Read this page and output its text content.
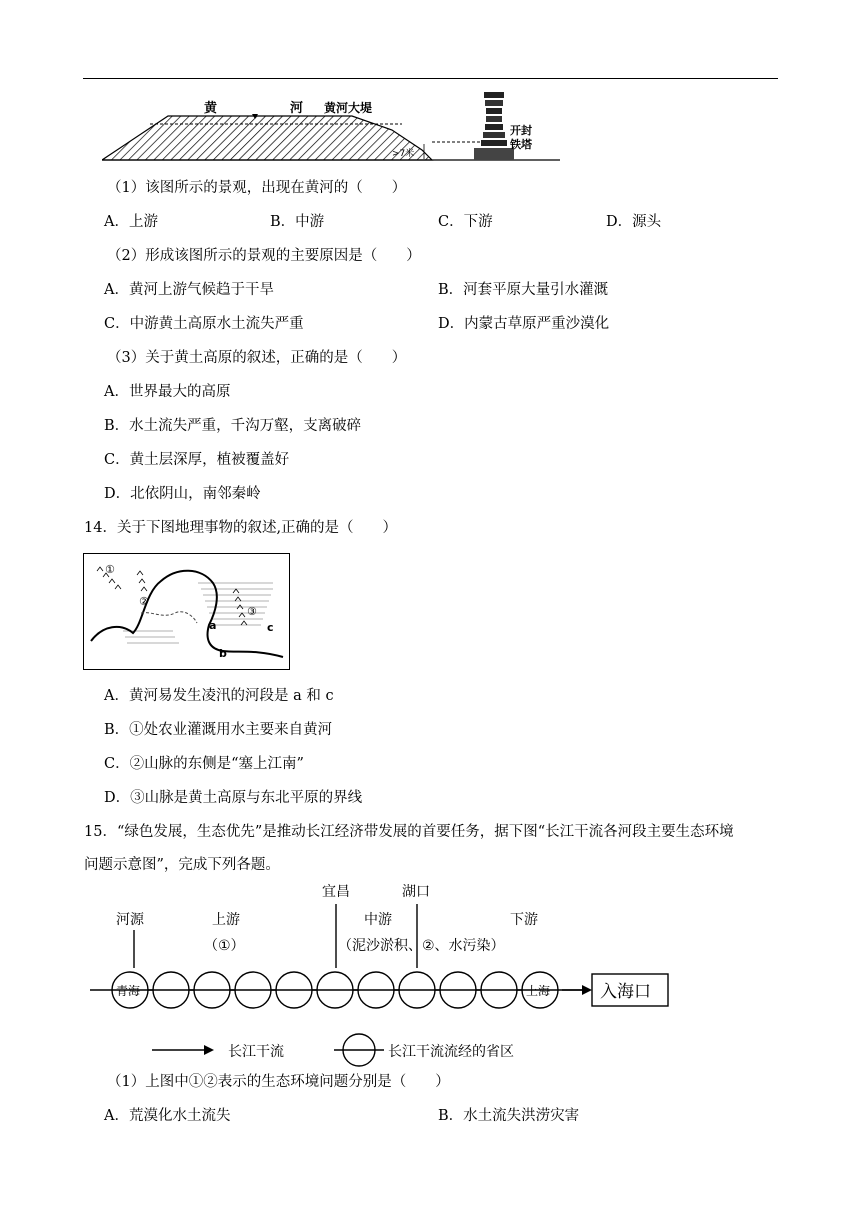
黄	河 黄河大堤
>7米
开封
铁塔
（1）该图所示的景观，出现在黄河的（　　）
A．上游	B．中游	C．下游	D．源头
（2）形成该图所示的景观的主要原因是（　　）
A．黄河上游气候趋于干旱	B．河套平原大量引水灌溉
C．中游黄土高原水土流失严重	D．内蒙古草原严重沙漠化
（3）关于黄土高原的叙述，正确的是（　　）
A．世界最大的高原
B．水土流失严重，千沟万壑，支离破碎
C．黄土层深厚，植被覆盖好
D．北依阴山，南邻秦岭
14．关于下图地理事物的叙述,正确的是（　　）
①
②
③
a
b
c
A．黄河易发生凌汛的河段是 a 和 c
B．①处农业灌溉用水主要来自黄河
C．②山脉的东侧是“塞上江南”
D．③山脉是黄土高原与东北平原的界线
15．“绿色发展，生态优先”是推动长江经济带发展的首要任务，据下图“长江干流各河段主要生态环境
问题示意图”，完成下列各题。
河源
宜昌	湖口
上游
（①）
中游
（泥沙淤积、②、水污染）
下游
青海	上海	入海口
长江干流	长江干流流经的省区
（1）上图中①②表示的生态环境问题分别是（　　）
A．荒漠化水土流失	B．水土流失洪涝灾害
